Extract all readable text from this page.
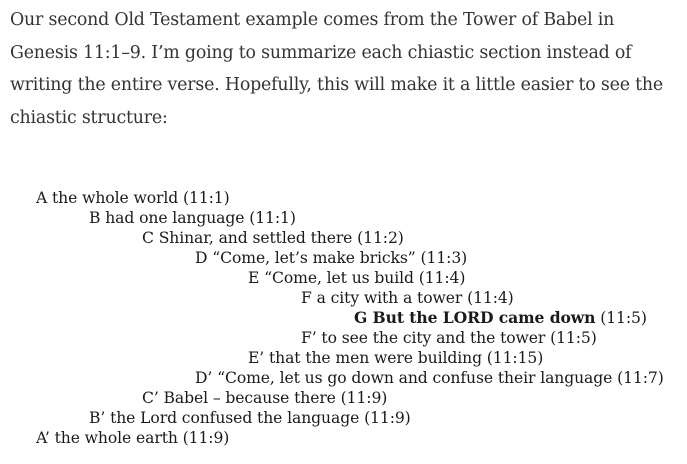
Our second Old Testament example comes from the Tower of Babel in Genesis 11:1–9. I’m going to summarize each chiastic section instead of writing the entire verse. Hopefully, this will make it a little easier to see the chiastic structure:

A the whole world (11:1)
B had one language (11:1)
C Shinar, and settled there (11:2)
D “Come, let’s make bricks” (11:3)
E “Come, let us build (11:4)
F a city with a tower (11:4)
G But the LORD came down (11:5)
F’ to see the city and the tower (11:5)
E’ that the men were building (11:15)
D’ “Come, let us go down and confuse their language (11:7)
C’ Babel – because there (11:9)
B’ the Lord confused the language (11:9)
A’ the whole earth (11:9)
